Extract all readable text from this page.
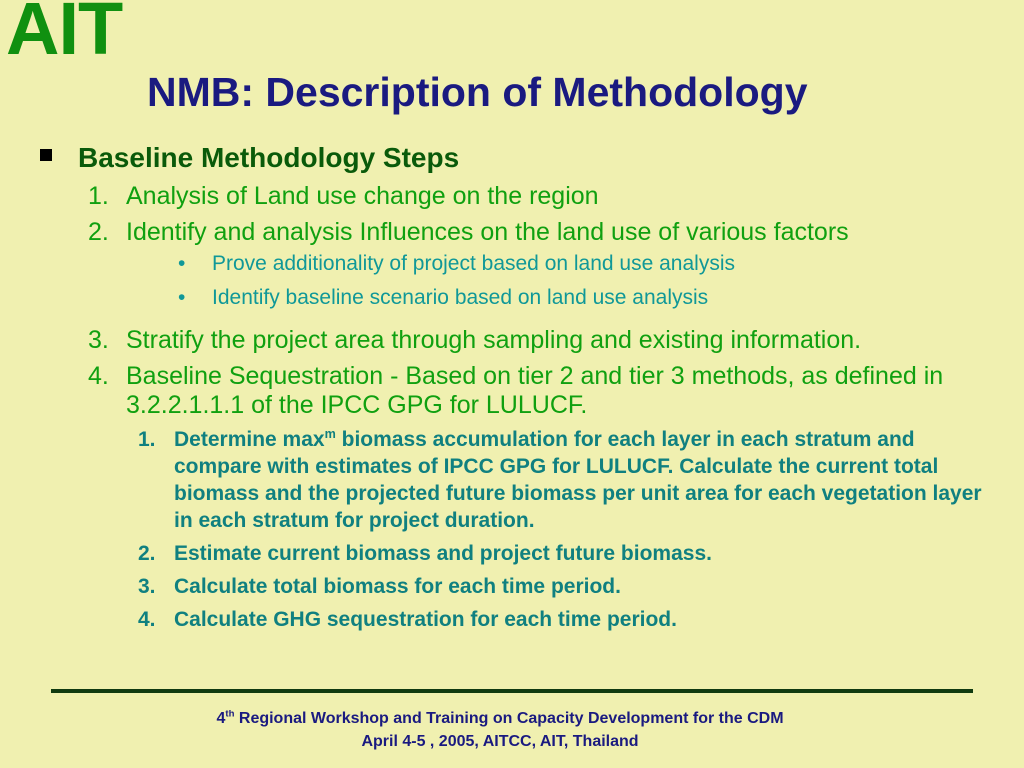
AIT
NMB: Description of Methodology
Baseline Methodology Steps
1. Analysis of Land use change on the region
2. Identify and analysis Influences on the land use of various factors
•	Prove additionality of project based on land use analysis
•	Identify baseline scenario based on land use analysis
3. Stratify the project area through sampling and existing information.
4. Baseline Sequestration - Based on tier 2 and tier 3 methods, as defined in 3.2.2.1.1.1 of the IPCC GPG for LULUCF.
1. Determine $\max^m$ biomass accumulation for each layer in each stratum and compare with estimates of IPCC GPG for LULUCF. Calculate the current total biomass and the projected future biomass per unit area for each vegetation layer in each stratum for project duration.
2. Estimate current biomass and project future biomass.
3. Calculate total biomass for each time period.
4. Calculate GHG sequestration for each time period.
4th Regional Workshop and Training on Capacity Development for the CDM
April 4-5 , 2005, AITCC, AIT, Thailand
